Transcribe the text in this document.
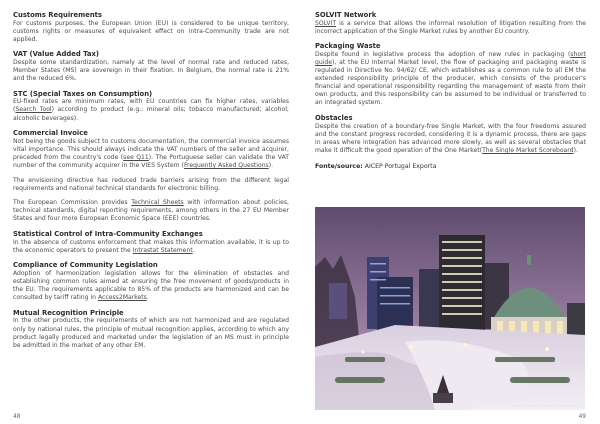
Customs Requirements

For customs purposes, the European Union (EU) is considered to be unique territory, customs rights or measures of equivalent effect on intra-Community trade are not applied.

VAT (Value Added Tax)

Despite some standardization, namely at the level of normal rate and reduced rates, Member States (MS) are sovereign in their fixation. In Belgium, the normal rate is 21% and the reduced 6%.

STC (Special Taxes on Consumption)

EU-fixed rates are minimum rates, with EU countries can fix higher rates, variables (Search Tool) according to product (e.g.: mineral oils; tobacco manufactured; alcohol; alcoholic beverages).

Commercial Invoice

Not being the goods subject to customs documentation, the commercial invoice assumes vital importance. This should always indicate the VAT numbers of the seller and acquirer, preceded from the country's code (see Q11). The Portuguese seller can validate the VAT number of the community acquirer in the VIES System (Frequently Asked Questions).

The envisioning directive has reduced trade barriers arising from the different legal requirements and national technical standards for electronic billing.

The European Commission provides Technical Sheets with information about policies, technical standards, digital reporting requirements, among others in the 27 EU Member States and four more European Economic Space (EEE) countries.

Statistical Control of Intra-Community Exchanges

In the absence of customs enforcement that makes this information available, it is up to the economic operators to present the Intrastat Statement.

Compliance of Community Legislation

Adoption of harmonization legislation allows for the elimination of obstacles and establishing common rules aimed at ensuring the free movement of goods/products in the EU. The requirements applicable to 85% of the products are harmonized and can be consulted by tariff rating in Access2Markets.

Mutual Recognition Principle

In the other products, the requirements of which are not harmonized and are regulated only by national rules, the principle of mutual recognition applies, according to which any product legally produced and marketed under the legislation of an MS must in principle be admitted in the market of any other EM.

48
SOLVIT Network

SOLVIT is a service that allows the informal resolution of litigation resulting from the incorrect application of the Single Market rules by another EU country.

Packaging Waste

Despite found in legislative process the adoption of new rules in packaging (short guide), at the EU Internal Market level, the flow of packaging and packaging waste is regulated in Directive No. 94/62/ CE, which establishes as a common rule to all EM the extended responsibility principle of the producer, which consists of the producer's financial and operational responsibility regarding the management of waste from their own products, and this responsibility can be assumed to be individual or transferred to an integrated system.

Obstacles

Despite the creation of a boundary-free Single Market, with the four freedoms assured and the constant progress recorded, considering it is a dynamic process, there are gaps in areas where integration has advanced more slowly, as well as several obstacles that make it difficult the good operation of the One Market(The Single Market Scoreboard).

Fonte/source: AICEP Portugal Exporta
49
Image by Laurent Verdier from Pixabay
